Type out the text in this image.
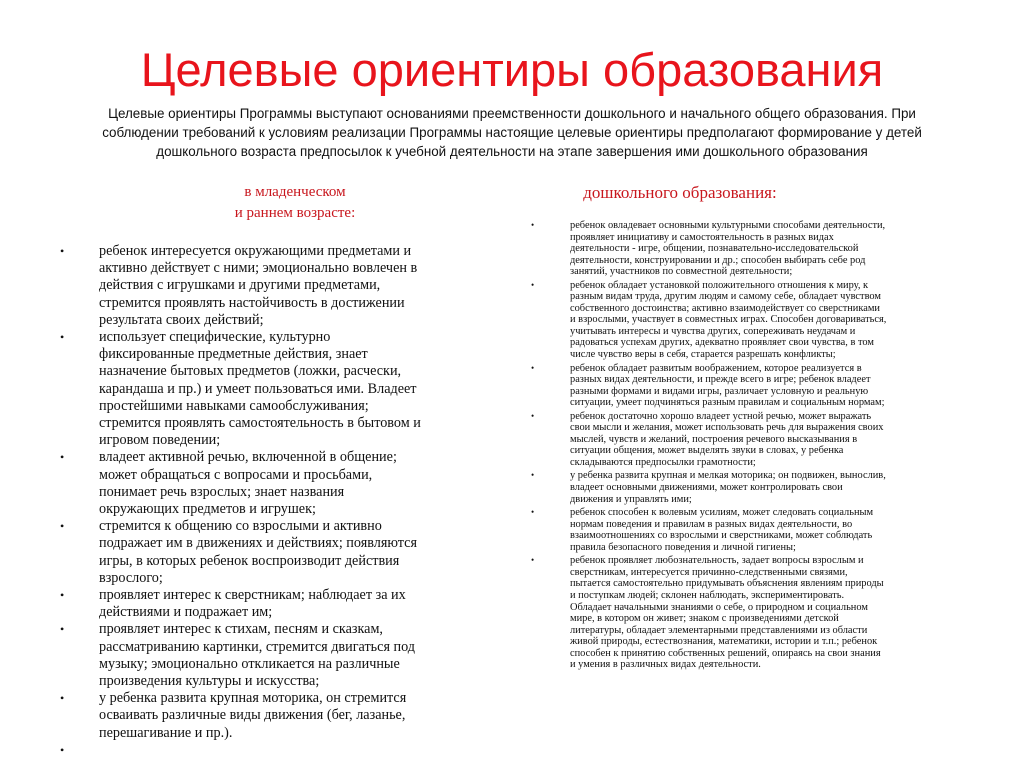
Целевые ориентиры образования
Целевые ориентиры Программы выступают основаниями преемственности дошкольного и начального общего образования. При
соблюдении требований к условиям реализации Программы настоящие целевые ориентиры предполагают формирование у детей
дошкольного возраста предпосылок к учебной деятельности на этапе завершения ими дошкольного образования
в младенческом
и раннем возрасте:
дошкольного образования:
• ребенок интересуется окружающими предметами и
активно действует с ними; эмоционально вовлечен в
действия с игрушками и другими предметами,
стремится проявлять настойчивость в достижении
результата своих действий;
• использует специфические, культурно
фиксированные предметные действия, знает
назначение бытовых предметов (ложки, расчески,
карандаша и пр.) и умеет пользоваться ими. Владеет
простейшими навыками самообслуживания;
стремится проявлять самостоятельность в бытовом и
игровом поведении;
• владеет активной речью, включенной в общение;
может обращаться с вопросами и просьбами,
понимает речь взрослых; знает названия
окружающих предметов и игрушек;
• стремится к общению со взрослыми и активно
подражает им в движениях и действиях; появляются
игры, в которых ребенок воспроизводит действия
взрослого;
• проявляет интерес к сверстникам; наблюдает за их
действиями и подражает им;
• проявляет интерес к стихам, песням и сказкам,
рассматриванию картинки, стремится двигаться под
музыку; эмоционально откликается на различные
произведения культуры и искусства;
• у ребенка развита крупная моторика, он стремится
осваивать различные виды движения (бег, лазанье,
перешагивание и пр.).
•
•	ребенок овладевает основными культурными способами деятельности,
проявляет инициативу и самостоятельность в разных видах
деятельности - игре, общении, познавательно-исследовательской
деятельности, конструировании и др.; способен выбирать себе род
занятий, участников по совместной деятельности;
•	ребенок обладает установкой положительного отношения к миру, к
разным видам труда, другим людям и самому себе, обладает чувством
собственного достоинства; активно взаимодействует со сверстниками
и взрослыми, участвует в совместных играх. Способен договариваться,
учитывать интересы и чувства других, сопереживать неудачам и
радоваться успехам других, адекватно проявляет свои чувства, в том
числе чувство веры в себя, старается разрешать конфликты;
•	ребенок обладает развитым воображением, которое реализуется в
разных видах деятельности, и прежде всего в игре; ребенок владеет
разными формами и видами игры, различает условную и реальную
ситуации, умеет подчиняться разным правилам и социальным нормам;
•	ребенок достаточно хорошо владеет устной речью, может выражать
свои мысли и желания, может использовать речь для выражения своих
мыслей, чувств и желаний, построения речевого высказывания в
ситуации общения, может выделять звуки в словах, у ребенка
складываются предпосылки грамотности;
•	у ребенка развита крупная и мелкая моторика; он подвижен, вынослив,
владеет основными движениями, может контролировать свои
движения и управлять ими;
•	ребенок способен к волевым усилиям, может следовать социальным
нормам поведения и правилам в разных видах деятельности, во
взаимоотношениях со взрослыми и сверстниками, может соблюдать
правила безопасного поведения и личной гигиены;
•	ребенок проявляет любознательность, задает вопросы взрослым и
сверстникам, интересуется причинно-следственными связями,
пытается самостоятельно придумывать объяснения явлениям природы
и поступкам людей; склонен наблюдать, экспериментировать.
Обладает начальными знаниями о себе, о природном и социальном
мире, в котором он живет; знаком с произведениями детской
литературы, обладает элементарными представлениями из области
живой природы, естествознания, математики, истории и т.п.; ребенок
способен к принятию собственных решений, опираясь на свои знания
и умения в различных видах деятельности.
